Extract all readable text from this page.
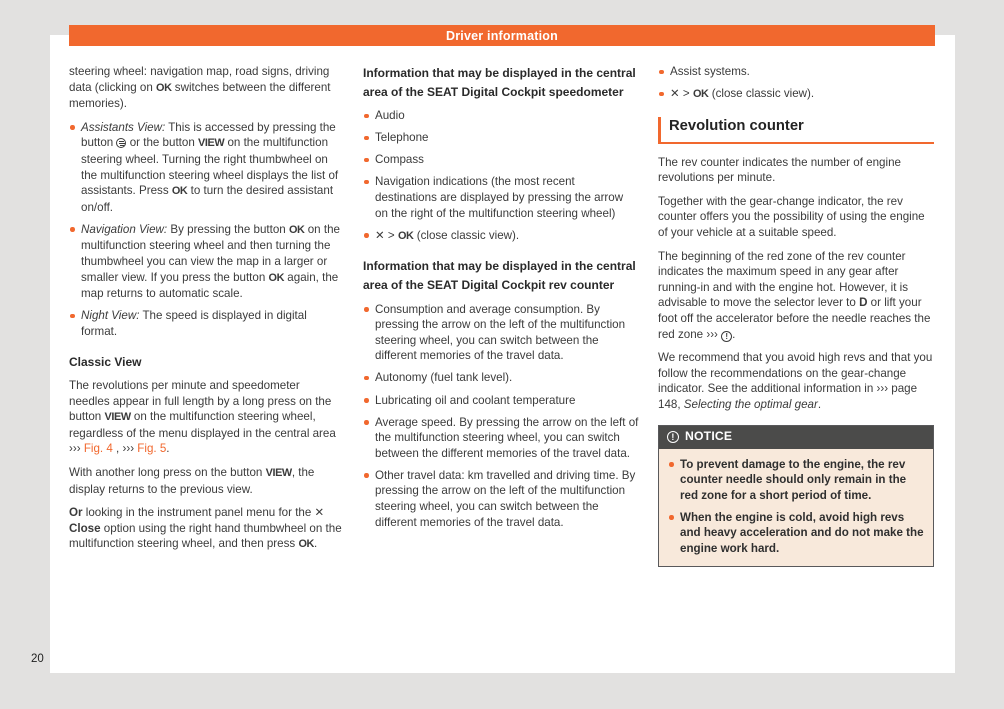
Driver information
steering wheel: navigation map, road signs, driving data (clicking on OK switches between the different memories).
Assistants View: This is accessed by pressing the button  or the button VIEW on the multifunction steering wheel. Turning the right thumbwheel on the multifunction steering wheel displays the list of assistants. Press OK to turn the desired assistant on/off.
Navigation View: By pressing the button OK on the multifunction steering wheel and then turning the thumbwheel you can view the map in a larger or smaller view. If you press the button OK again, the map returns to automatic scale.
Night View: The speed is displayed in digital format.
Classic View
The revolutions per minute and speedometer needles appear in full length by a long press on the button VIEW on the multifunction steering wheel, regardless of the menu displayed in the central area ››› Fig. 4 , ››› Fig. 5.
With another long press on the button VIEW, the display returns to the previous view.
Or looking in the instrument panel menu for the ✕ Close option using the right hand thumbwheel on the multifunction steering wheel, and then press OK.
Information that may be displayed in the central area of the SEAT Digital Cockpit speedometer
Audio
Telephone
Compass
Navigation indications (the most recent destinations are displayed by pressing the arrow on the right of the multifunction steering wheel)
✕ > OK (close classic view).
Information that may be displayed in the central area of the SEAT Digital Cockpit rev counter
Consumption and average consumption. By pressing the arrow on the left of the multifunction steering wheel, you can switch between the different memories of the travel data.
Autonomy (fuel tank level).
Lubricating oil and coolant temperature
Average speed. By pressing the arrow on the left of the multifunction steering wheel, you can switch between the different memories of the travel data.
Other travel data: km travelled and driving time. By pressing the arrow on the left of the multifunction steering wheel, you can switch between the different memories of the travel data.
Assist systems.
✕ > OK (close classic view).
Revolution counter
The rev counter indicates the number of engine revolutions per minute.
Together with the gear-change indicator, the rev counter offers you the possibility of using the engine of your vehicle at a suitable speed.
The beginning of the red zone of the rev counter indicates the maximum speed in any gear after running-in and with the engine hot. However, it is advisable to move the selector lever to D or lift your foot off the accelerator before the needle reaches the red zone ››› ! .
We recommend that you avoid high revs and that you follow the recommendations on the gear-change indicator. See the additional information in ››› page 148, Selecting the optimal gear.
! NOTICE
To prevent damage to the engine, the rev counter needle should only remain in the red zone for a short period of time.
When the engine is cold, avoid high revs and heavy acceleration and do not make the engine work hard.
20
